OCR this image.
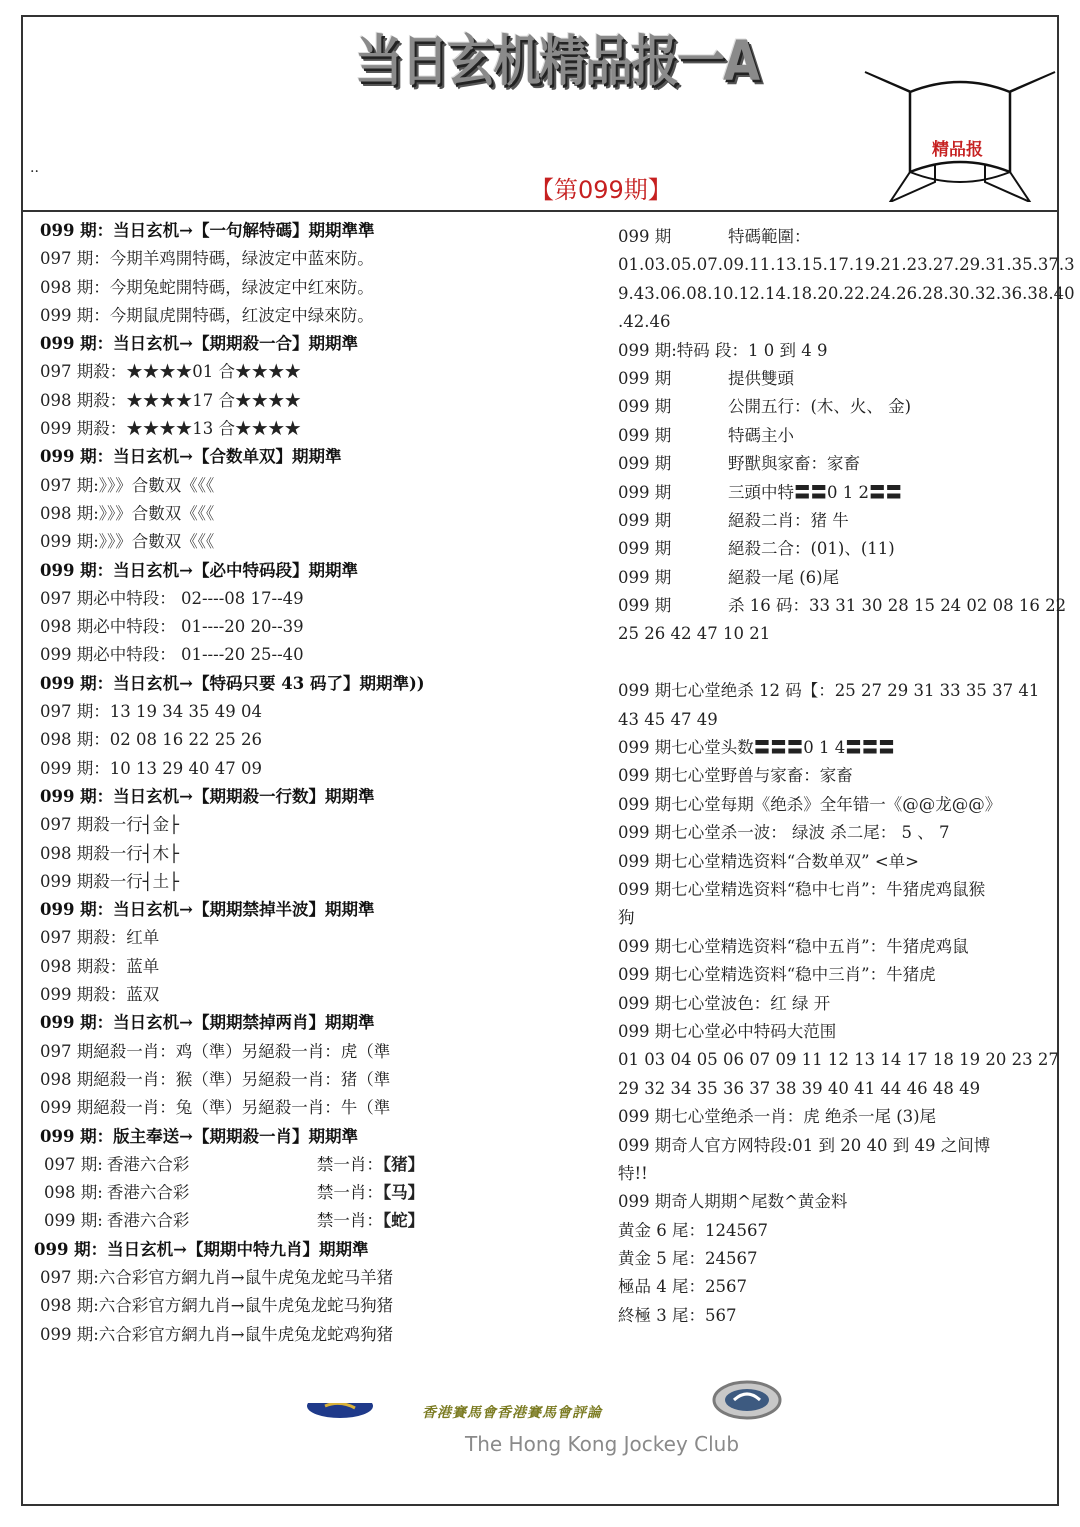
当日玄机精品报一A
..
精品报
【第099期】
099 期：当日玄机→【一句解特碼】期期準準
097 期：今期羊鸡開特碼，绿波定中蓝來防。
098 期：今期兔蛇開特碼，绿波定中红來防。
099 期：今期鼠虎開特碼，红波定中绿來防。
099 期：当日玄机→【期期殺一合】期期準
097 期殺：★★★★01 合★★★★
098 期殺：★★★★17 合★★★★
099 期殺：★★★★13 合★★★★
099 期：当日玄机→【合数单双】期期準
097 期:》》》合數双《《《
098 期:》》》合數双《《《
099 期:》》》合數双《《《
099 期：当日玄机→【必中特码段】期期準
097 期必中特段： 02----08 17--49
098 期必中特段： 01----20 20--39
099 期必中特段： 01----20 25--40
099 期：当日玄机→【特码只要 43 码了】期期準))
097 期：13 19 34 35 49 04
098 期：02 08 16 22 25 26
099 期：10 13 29 40 47 09
099 期：当日玄机→【期期殺一行数】期期準
097 期殺一行┤金├
098 期殺一行┤木├
099 期殺一行┤土├
099 期：当日玄机→【期期禁掉半波】期期準
097 期殺：红单
098 期殺：蓝单
099 期殺：蓝双
099 期：当日玄机→【期期禁掉两肖】期期準
097 期絕殺一肖：鸡（準）另絕殺一肖：虎（準
098 期絕殺一肖：猴（準）另絕殺一肖：猪（準
099 期絕殺一肖：兔（準）另絕殺一肖：牛（準
099 期：版主奉送→【期期殺一肖】期期準
097 期: 香港六合彩	禁一肖：【猪】
098 期: 香港六合彩	禁一肖：【马】
099 期: 香港六合彩	禁一肖：【蛇】
099 期：当日玄机→【期期中特九肖】期期準
097 期:六合彩官方網九肖→鼠牛虎兔龙蛇马羊猪
098 期:六合彩官方網九肖→鼠牛虎兔龙蛇马狗猪
099 期:六合彩官方網九肖→鼠牛虎兔龙蛇鸡狗猪
099 期	特碼範圍：
01.03.05.07.09.11.13.15.17.19.21.23.27.29.31.35.37.3
9.43.06.08.10.12.14.18.20.22.24.26.28.30.32.36.38.40
.42.46
099 期:特码 段：1 0 到 4 9
099 期	提供雙頭
099 期	公開五行：(木、火、 金)
099 期	特碼主小
099 期	野獸與家畜：家畜
099 期	三頭中特〓〓0 1 2〓〓
099 期	絕殺二肖：猪 牛
099 期	絕殺二合：(01)、(11)
099 期	絕殺一尾 (6)尾
099 期	杀 16 码：33 31 30 28 15 24 02 08 16 22
25 26 42 47 10 21
099 期七心堂绝杀 12 码【：25 27 29 31 33 35 37 41
43 45 47 49
099 期七心堂头数〓〓〓0 1 4〓〓〓
099 期七心堂野兽与家畜：家畜
099 期七心堂每期《绝杀》全年错一《@@龙@@》
099 期七心堂杀一波： 绿波 杀二尾： 5 、 7
099 期七心堂精选资料“合数单双” <单>
099 期七心堂精选资料“稳中七肖”：牛猪虎鸡鼠猴
狗
099 期七心堂精选资料“稳中五肖”：牛猪虎鸡鼠
099 期七心堂精选资料“稳中三肖”：牛猪虎
099 期七心堂波色：红 绿 开
099 期七心堂必中特码大范围
01 03 04 05 06 07 09 11 12 13 14 17 18 19 20 23 27
29 32 34 35 36 37 38 39 40 41 44 46 48 49
099 期七心堂绝杀一肖：虎 绝杀一尾 (3)尾
099 期奇人官方网特段:01 到 20 40 到 49 之间博
特!!
099 期奇人期期^尾数^黄金料
黄金 6 尾：124567
黄金 5 尾：24567
極品 4 尾：2567
終極 3 尾：567
香港賽馬會香港賽馬會評論
The Hong Kong Jockey Club
